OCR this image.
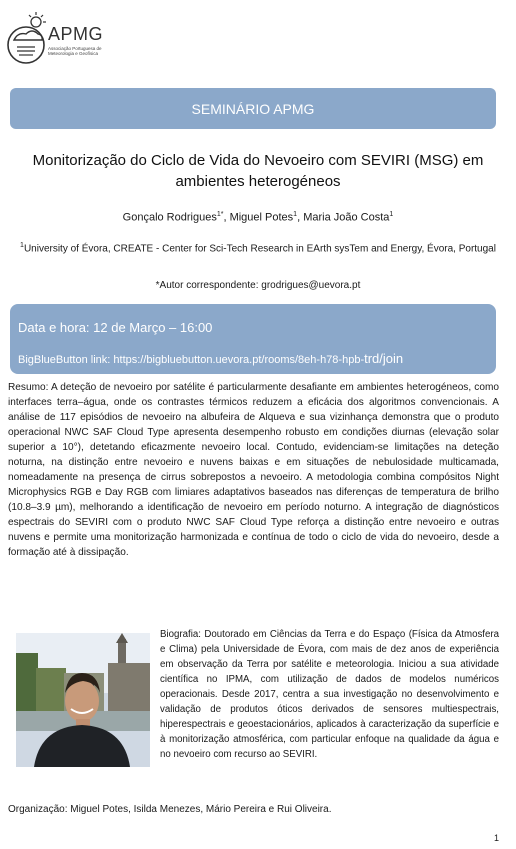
APMG
Associação Portuguesa de Meteorologia e Geofísica
SEMINÁRIO APMG
Monitorização do Ciclo de Vida do Nevoeiro com SEVIRI (MSG) em ambientes heterogéneos
Gonçalo Rodrigues$^{1*}$, Miguel Potes$^1$, Maria João Costa$^1$
$^1$University of Évora, CREATE - Center for Sci-Tech Research in EArth sysTem and Energy, Évora, Portugal
*Autor correspondente: grodrigues@uevora.pt
Data e hora: 12 de Março – 16:00
BigBlueButton link: https://bigbluebutton.uevora.pt/rooms/8eh-h78-hpb-trd/join
Resumo: A deteção de nevoeiro por satélite é particularmente desafiante em ambientes heterogéneos, como interfaces terra–água, onde os contrastes térmicos reduzem a eficácia dos algoritmos convencionais. A análise de 117 episódios de nevoeiro na albufeira de Alqueva e sua vizinhança demonstra que o produto operacional NWC SAF Cloud Type apresenta desempenho robusto em condições diurnas (elevação solar superior a 10°), detetando eficazmente nevoeiro local. Contudo, evidenciam-se limitações na deteção noturna, na distinção entre nevoeiro e nuvens baixas e em situações de nebulosidade multicamada, nomeadamente na presença de cirrus sobrepostos a nevoeiro. A metodologia combina compósitos Night Microphysics RGB e Day RGB com limiares adaptativos baseados nas diferenças de temperatura de brilho (10.8–3.9 µm), melhorando a identificação de nevoeiro em período noturno. A integração de diagnósticos espectrais do SEVIRI com o produto NWC SAF Cloud Type reforça a distinção entre nevoeiro e outras nuvens e permite uma monitorização harmonizada e contínua de todo o ciclo de vida do nevoeiro, desde a formação até à dissipação.
Biografia: Doutorado em Ciências da Terra e do Espaço (Física da Atmosfera e Clima) pela Universidade de Évora, com mais de dez anos de experiência em observação da Terra por satélite e meteorologia. Iniciou a sua atividade científica no IPMA, com utilização de dados de modelos numéricos operacionais. Desde 2017, centra a sua investigação no desenvolvimento e validação de produtos óticos derivados de sensores multiespectrais, hiperespectrais e geoestacionários, aplicados à caracterização da superfície e à monitorização atmosférica, com particular enfoque na qualidade da água e no nevoeiro com recurso ao SEVIRI.
Organização: Miguel Potes, Isilda Menezes, Mário Pereira e Rui Oliveira.
1
